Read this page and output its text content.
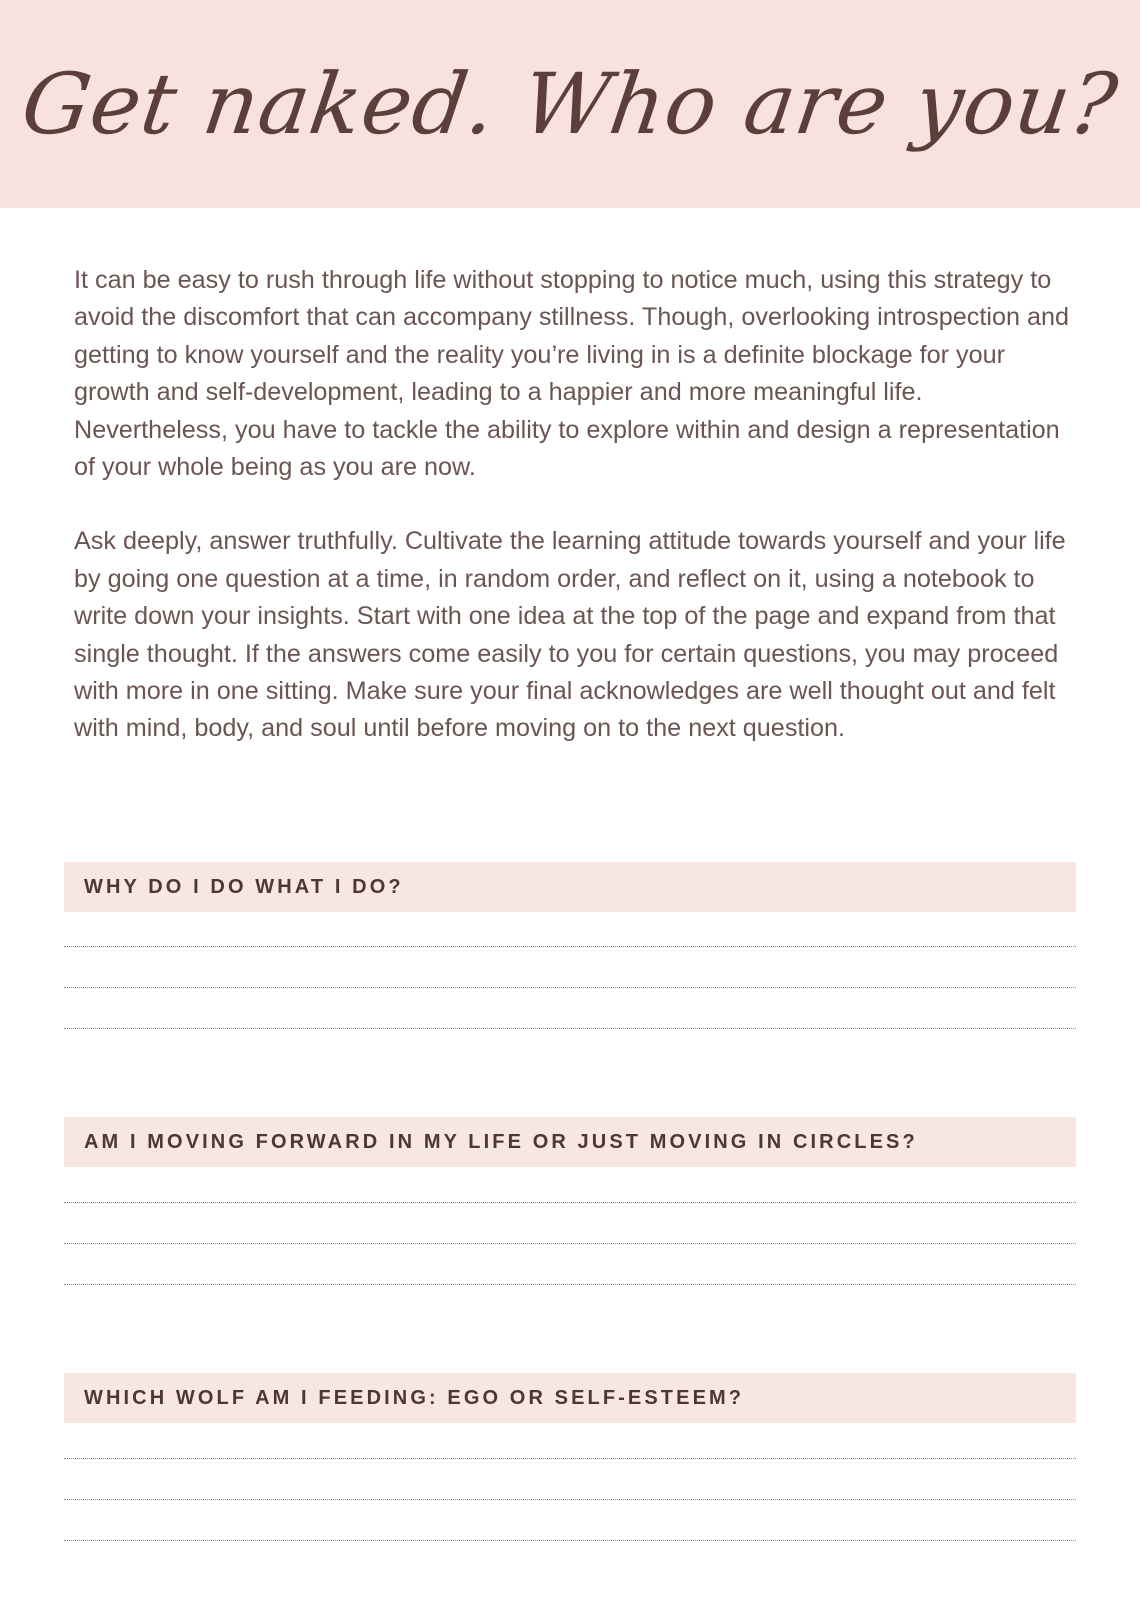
Get naked. Who are you?

It can be easy to rush through life without stopping to notice much, using this strategy to avoid the discomfort that can accompany stillness. Though, overlooking introspection and getting to know yourself and the reality you’re living in is a definite blockage for your growth and self-development, leading to a happier and more meaningful life. Nevertheless, you have to tackle the ability to explore within and design a representation of your whole being as you are now.

Ask deeply, answer truthfully. Cultivate the learning attitude towards yourself and your life by going one question at a time, in random order, and reflect on it, using a notebook to write down your insights. Start with one idea at the top of the page and expand from that single thought. If the answers come easily to you for certain questions, you may proceed with more in one sitting. Make sure your final acknowledges are well thought out and felt with mind, body, and soul until before moving on to the next question.

WHY DO I DO WHAT I DO?
AM I MOVING FORWARD IN MY LIFE OR JUST MOVING IN CIRCLES?
WHICH WOLF AM I FEEDING: EGO OR SELF-ESTEEM?
